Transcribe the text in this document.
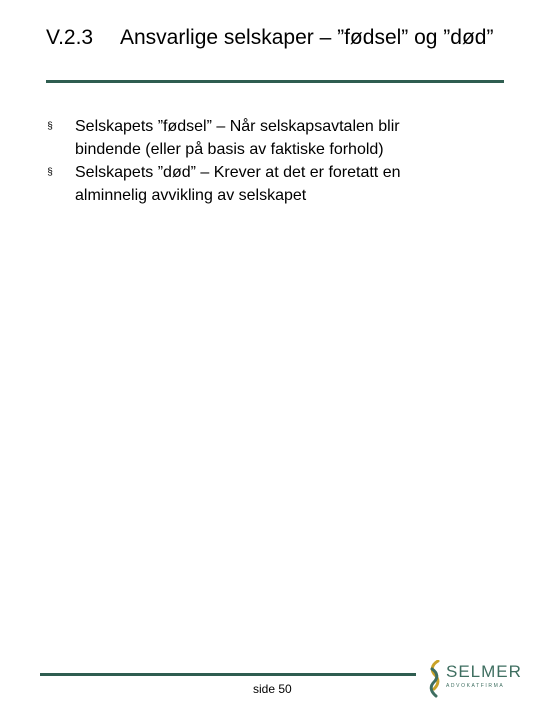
V.2.3 Ansvarlige selskaper – ”fødsel” og ”død”
§ Selskapets ”fødsel” – Når selskapsavtalen blir bindende (eller på basis av faktiske forhold)
§ Selskapets ”død” – Krever at det er foretatt en alminnelig avvikling av selskapet
side 50
SELMER
ADVOKATFIRMA
